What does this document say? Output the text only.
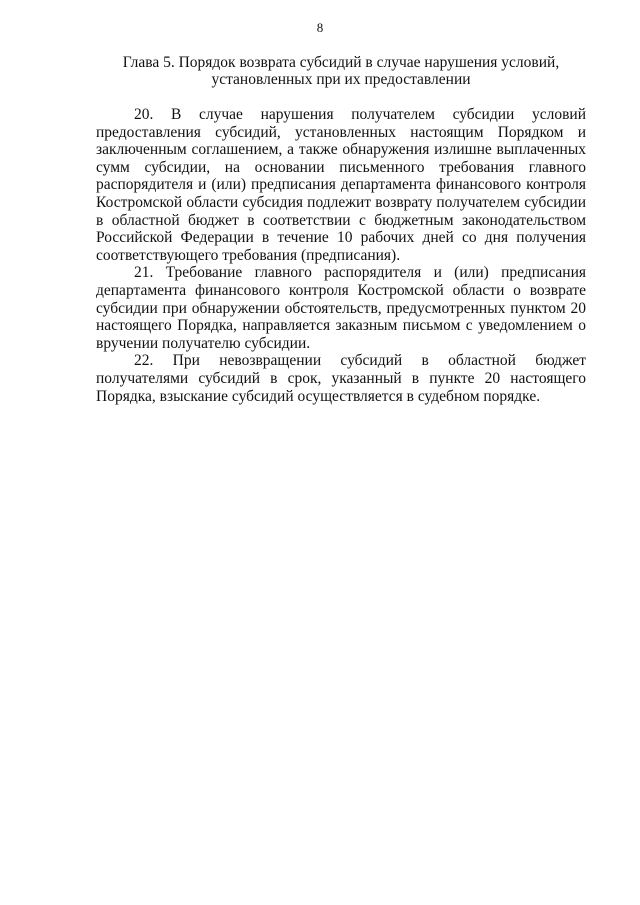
8
Глава 5. Порядок возврата субсидий в случае нарушения условий,
установленных при их предоставлении

20. В случае нарушения получателем субсидии условий предоставления субсидий, установленных настоящим Порядком и заключенным соглашением, а также обнаружения излишне выплаченных сумм субсидии, на основании письменного требования главного распорядителя и (или) предписания департамента финансового контроля Костромской области субсидия подлежит возврату получателем субсидии в областной бюджет в соответствии с бюджетным законодательством Российской Федерации в течение 10 рабочих дней со дня получения соответствующего требования (предписания).

21. Требование главного распорядителя и (или) предписания департамента финансового контроля Костромской области о возврате субсидии при обнаружении обстоятельств, предусмотренных пунктом 20 настоящего Порядка, направляется заказным письмом с уведомлением о вручении получателю субсидии.

22. При невозвращении субсидий в областной бюджет получателями субсидий в срок, указанный в пункте 20 настоящего Порядка, взыскание субсидий осуществляется в судебном порядке.
